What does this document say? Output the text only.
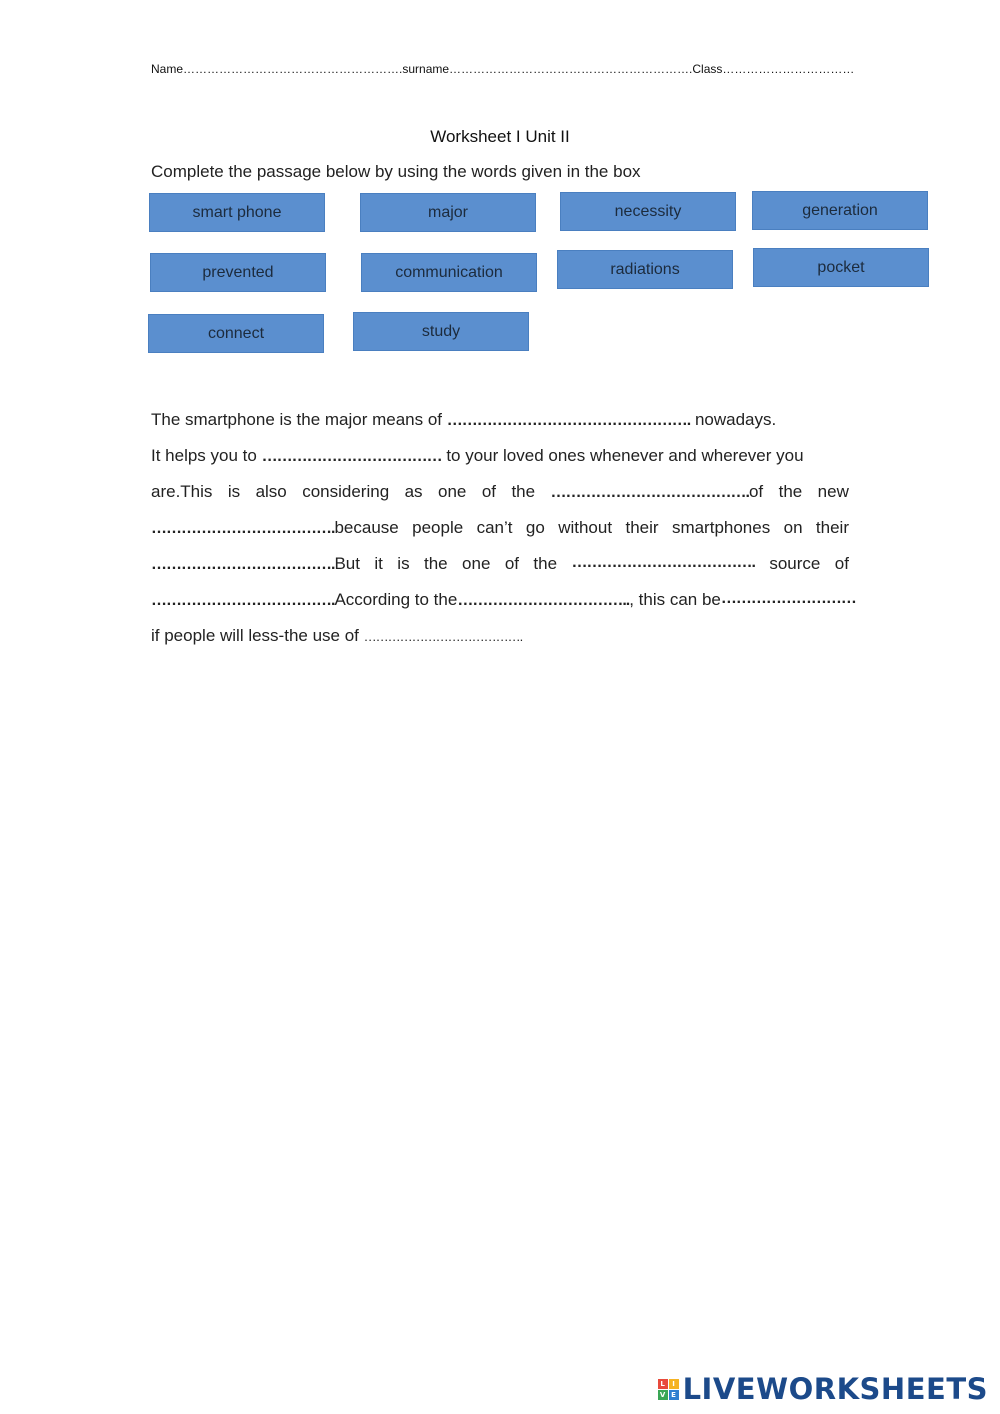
Name……………………………………………….surname…………………………………………………….Class……………………………
Worksheet I Unit II
Complete the passage below by using the words given in the box
smart phone	major	necessity	generation
prevented	communication	radiations	pocket
connect	study
The smartphone is the major means of …………………………………………. nowadays.
It helps you to ……………………………… to your loved ones whenever and wherever you
are.This is also considering as one of the ………………………………….of the new
……………………………….because people can’t go without their smartphones on their
……………………………….But it is the one of the ………………………………. source of
……………………………….According to the …………………………….., this can be ………………………
if people will less-the use of ………………………………….
L	I
V E LIVEWORKSHEETS
